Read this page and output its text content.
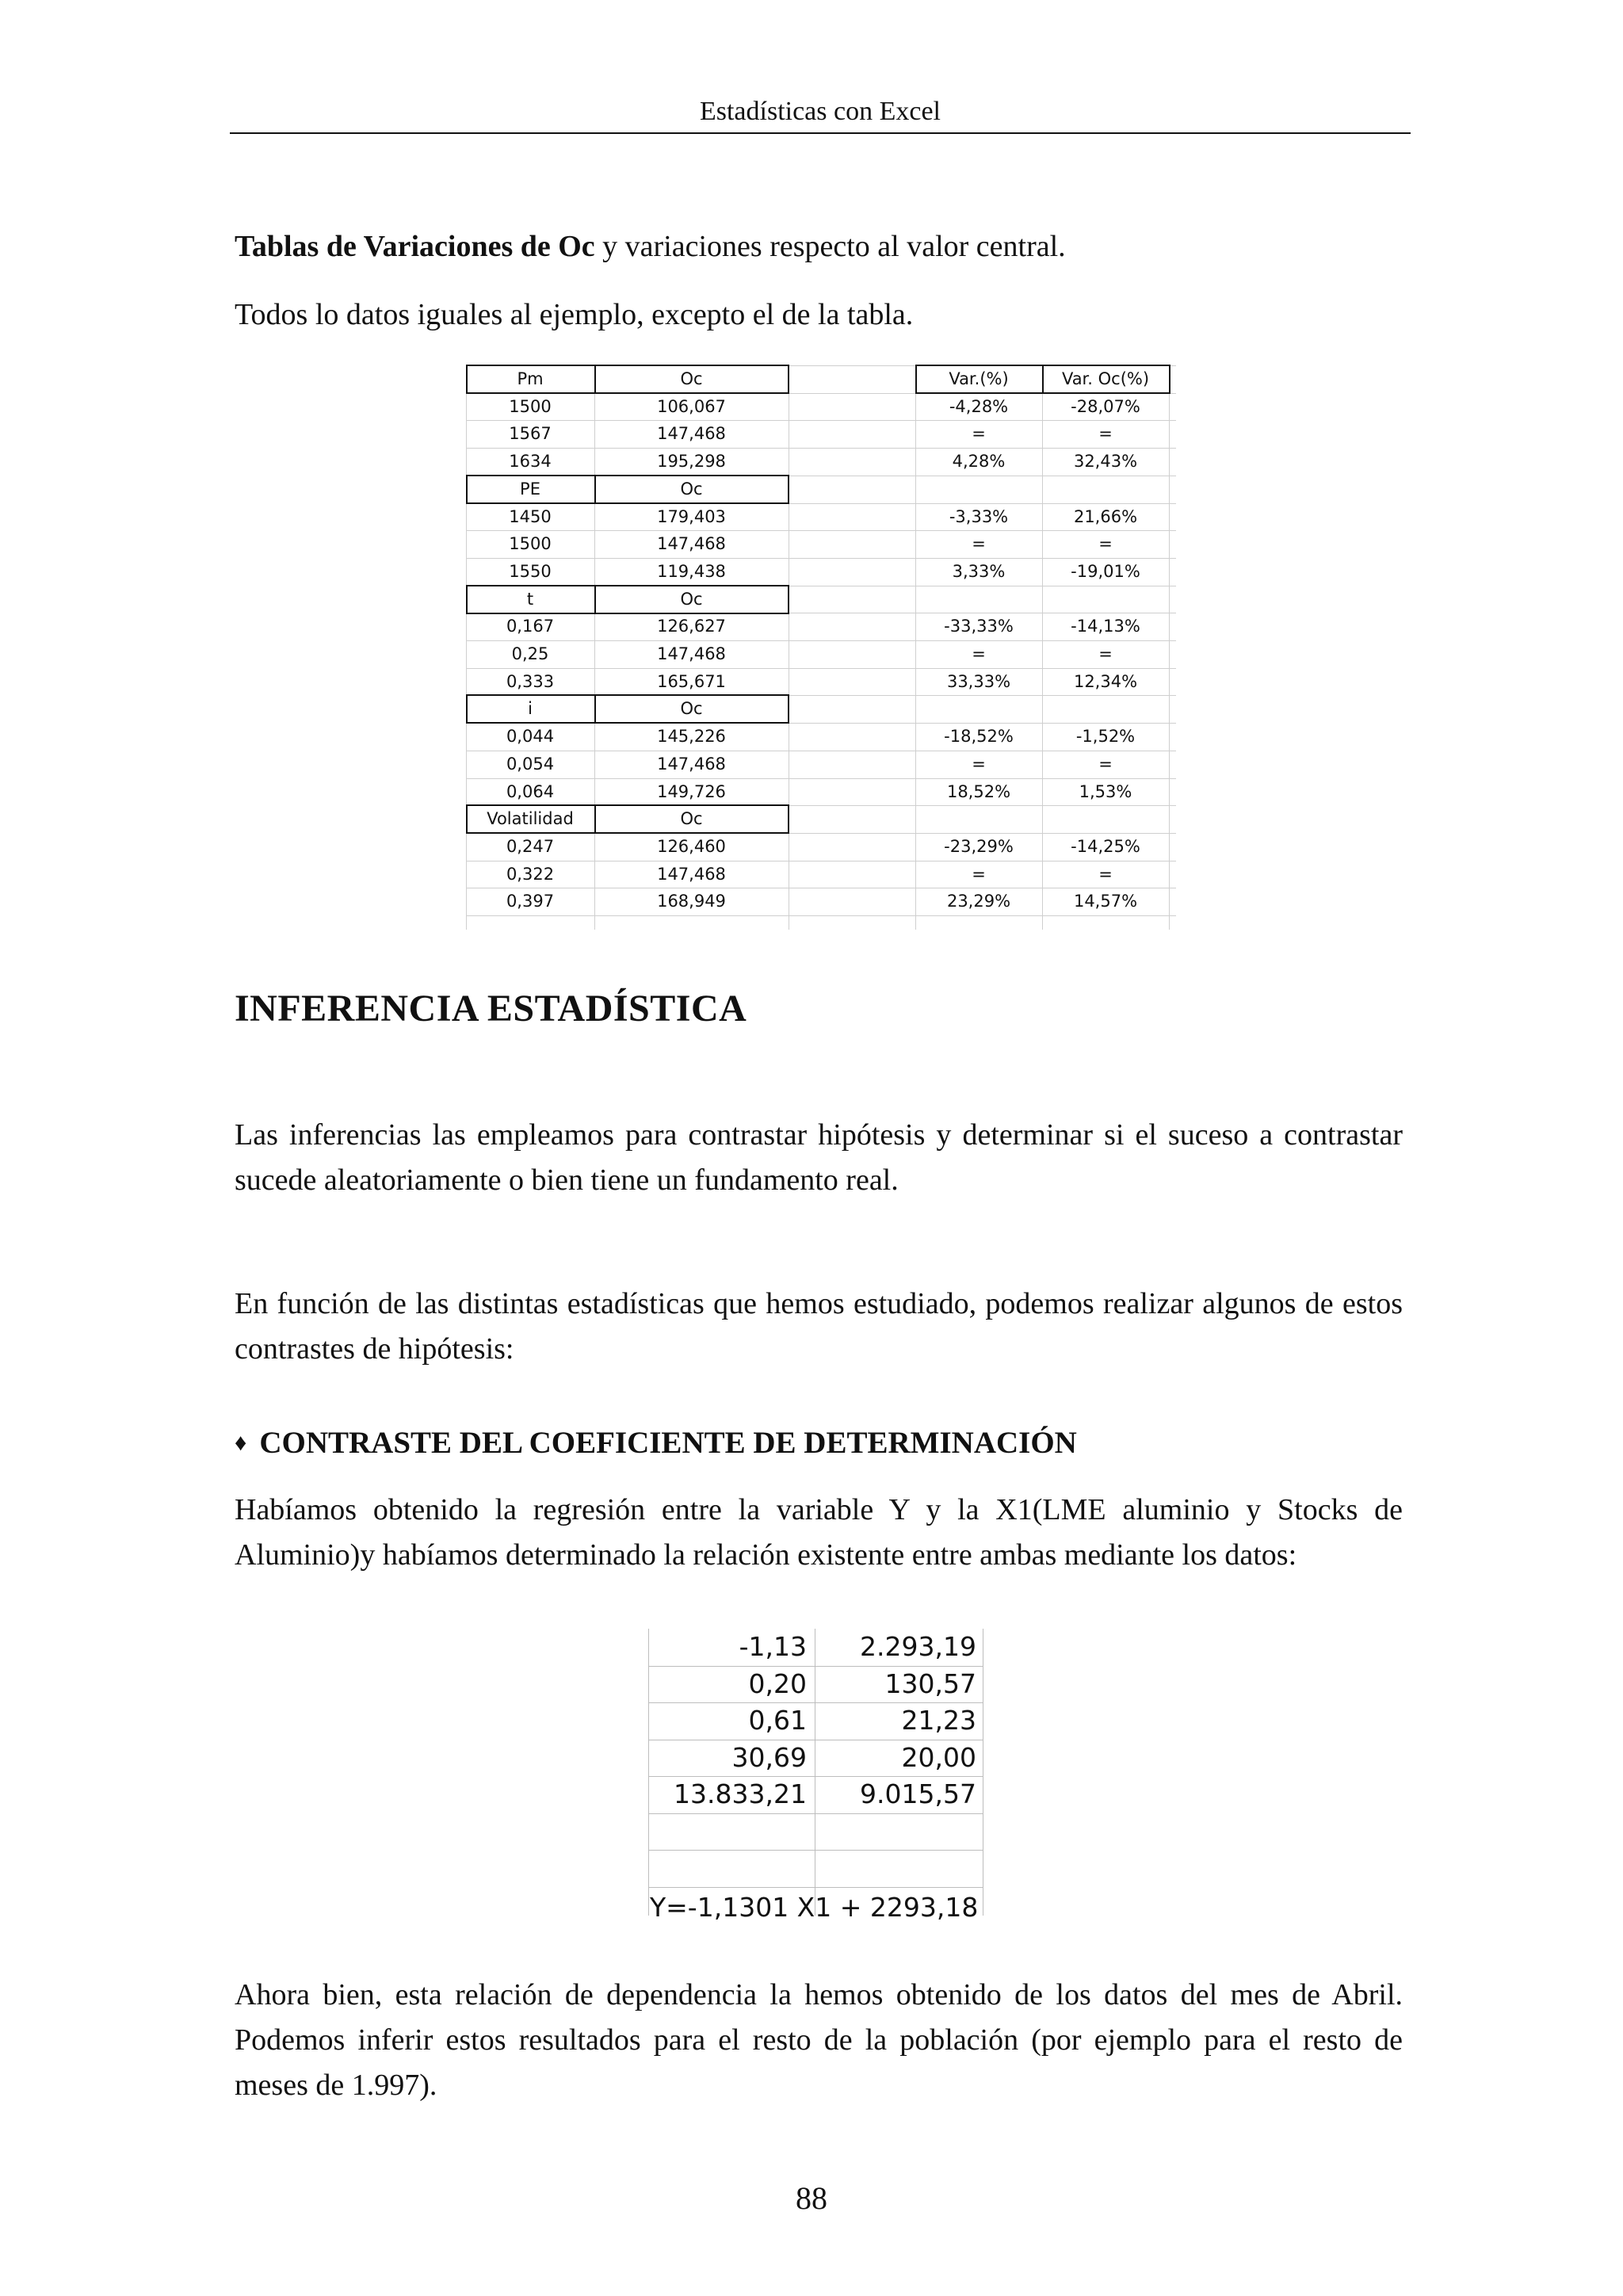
Estadísticas con Excel
Tablas de Variaciones de Oc y variaciones respecto al valor central.
Todos lo datos iguales al ejemplo, excepto el de la tabla.
Pm	Oc	Var.(%)	Var. Oc(%)
1500	106,067	-4,28%	-28,07%
1567	147,468	=	=
1634	195,298	4,28%	32,43%
PE	Oc
1450	179,403	-3,33%	21,66%
1500	147,468	=	=
1550	119,438	3,33%	-19,01%
t	Oc
0,167	126,627	-33,33%	-14,13%
0,25	147,468	=	=
0,333	165,671	33,33%	12,34%
i	Oc
0,044	145,226	-18,52%	-1,52%
0,054	147,468	=	=
0,064	149,726	18,52%	1,53%
Volatilidad	Oc
0,247	126,460	-23,29%	-14,25%
0,322	147,468	=	=
0,397	168,949	23,29%	14,57%
INFERENCIA ESTADÍSTICA
Las inferencias las empleamos para contrastar hipótesis y determinar si el suceso a contrastar sucede aleatoriamente o bien tiene un fundamento real.
En función de las distintas estadísticas que hemos estudiado, podemos realizar algunos de estos contrastes de hipótesis:
♦ CONTRASTE DEL COEFICIENTE DE DETERMINACIÓN
Habíamos obtenido la regresión entre la variable Y y la X1(LME aluminio y Stocks de Aluminio)y habíamos determinado la relación existente entre ambas mediante los datos:
-1,13	2.293,19
0,20	130,57
0,61	21,23
30,69	20,00
13.833,21	9.015,57
Y=-1,1301 X1 + 2293,18
Ahora bien, esta relación de dependencia la hemos obtenido de los datos del mes de Abril. Podemos inferir estos resultados para el resto de la población (por ejemplo para el resto de meses de 1.997).
88
